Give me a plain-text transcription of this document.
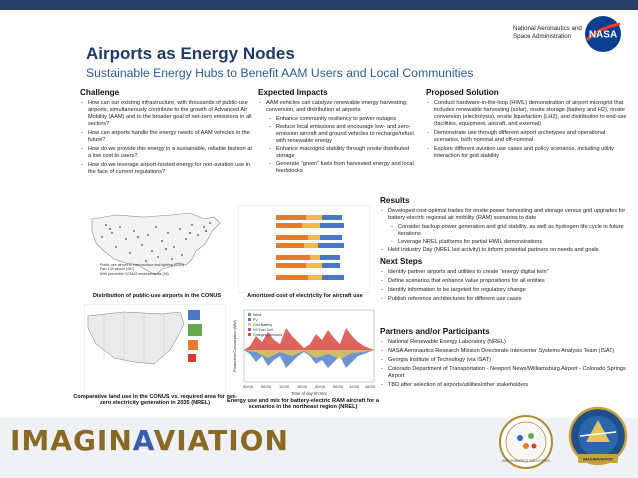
Airports as Energy Nodes
Sustainable Energy Hubs to Benefit AAM Users and Local Communities
National Aeronautics and
Space Administration	NASA
Challenge
- How can our existing infrastructure, with thousands of public-use airports, simultaneously contribute to the growth of Advanced Air Mobility (AAM) and to the broader goal of net-zero emissions in all sectors?
- How can airports handle the energy needs of AAM vehicles in the future?
- How do we provide this energy in a sustainable, reliable fashion at a low cost to users?
- How do we leverage airport-hosted energy for non-aviation use in the face of current regulations?
Expected Impacts
- AAM vehicles can catalyze renewable energy harvesting, conversion, and distribution at airports
- Enhance community resiliency to power outages
- Reduce local emissions and encourage low- and zero-emission aircraft and ground vehicles to recharge/refuel with renewable energy
- Enhance macrogrid stability through onsite distributed storage
- Generate “green” fuels from harvested energy and local feedstocks
Proposed Solution
- Conduct hardware-in-the-loop (HWIL) demonstration of airport microgrid that includes renewable harvesting (solar), onsite storage (battery and H2), onsite conversion (electrolysis), onsite liquefaction (LH2), and distribution to end-use (facilities, equipment, aircraft, and external)
- Demonstrate use through different airport archetypes and operational scenarios, both nominal and off-nominal
- Explore different aviation use cases and policy scenarios, including utility interaction for grid stability
Results
- Developed cost-optimal trades for onsite power harvesting and storage versus grid upgrades for battery-electric regional air mobility (RAM) scenarios to date
- Consider backup power generation and grid stability, as well as hydrogen life cycle in future iterations
- Leverage NREL platforms for partial HWIL demonstrations
- Held Industry Day (NREL led activity) to inform potential partners on needs and goals
Next Steps
- Identify partner airports and utilities to create “energy digital twin”
- Define scenarios that enhance value propositions for all entities
- Identify information to be targeted for regulatory change
- Publish reference architectures for different use cases
Partners and/or Participants
- National Renewable Energy Laboratory (NREL)
- NASA Aeronautics Research Mission Directorate Intercenter Systems Analysis Team (ISAT)
- Georgia Institute of Technology (via ISAT)
- Colorado Department of Transportation - Newport News/Williamsburg Airport - Colorado Springs Airport
- TBD after selection of airports/utilities/other stakeholders
Public use airport w/ hard surface and lighting (3344)
Part 139 airport (457)
80th percentile CONUS endorsements (36)
Distribution of public-use airports in the CONUS	Amortized cost of electricity for aircraft use
Comparative land use in the CONUS vs. required area for net-zero electricity generation in 2035 (NREL)
Wind
PV
Grid Battery
H2 Fuel Cell
Charging Demand
00:00 06:00 12:00 18:00 00:00 06:00 12:00 18:00
Time of day hh:mm
Production/Consumption (MW)
Energy use and mix for battery-electric RAM aircraft for a scenarios in the northeast region (NREL)
IMAGINAVIATION
AERONAUTICS SOLUTIONS	IMAGINAVIATION
